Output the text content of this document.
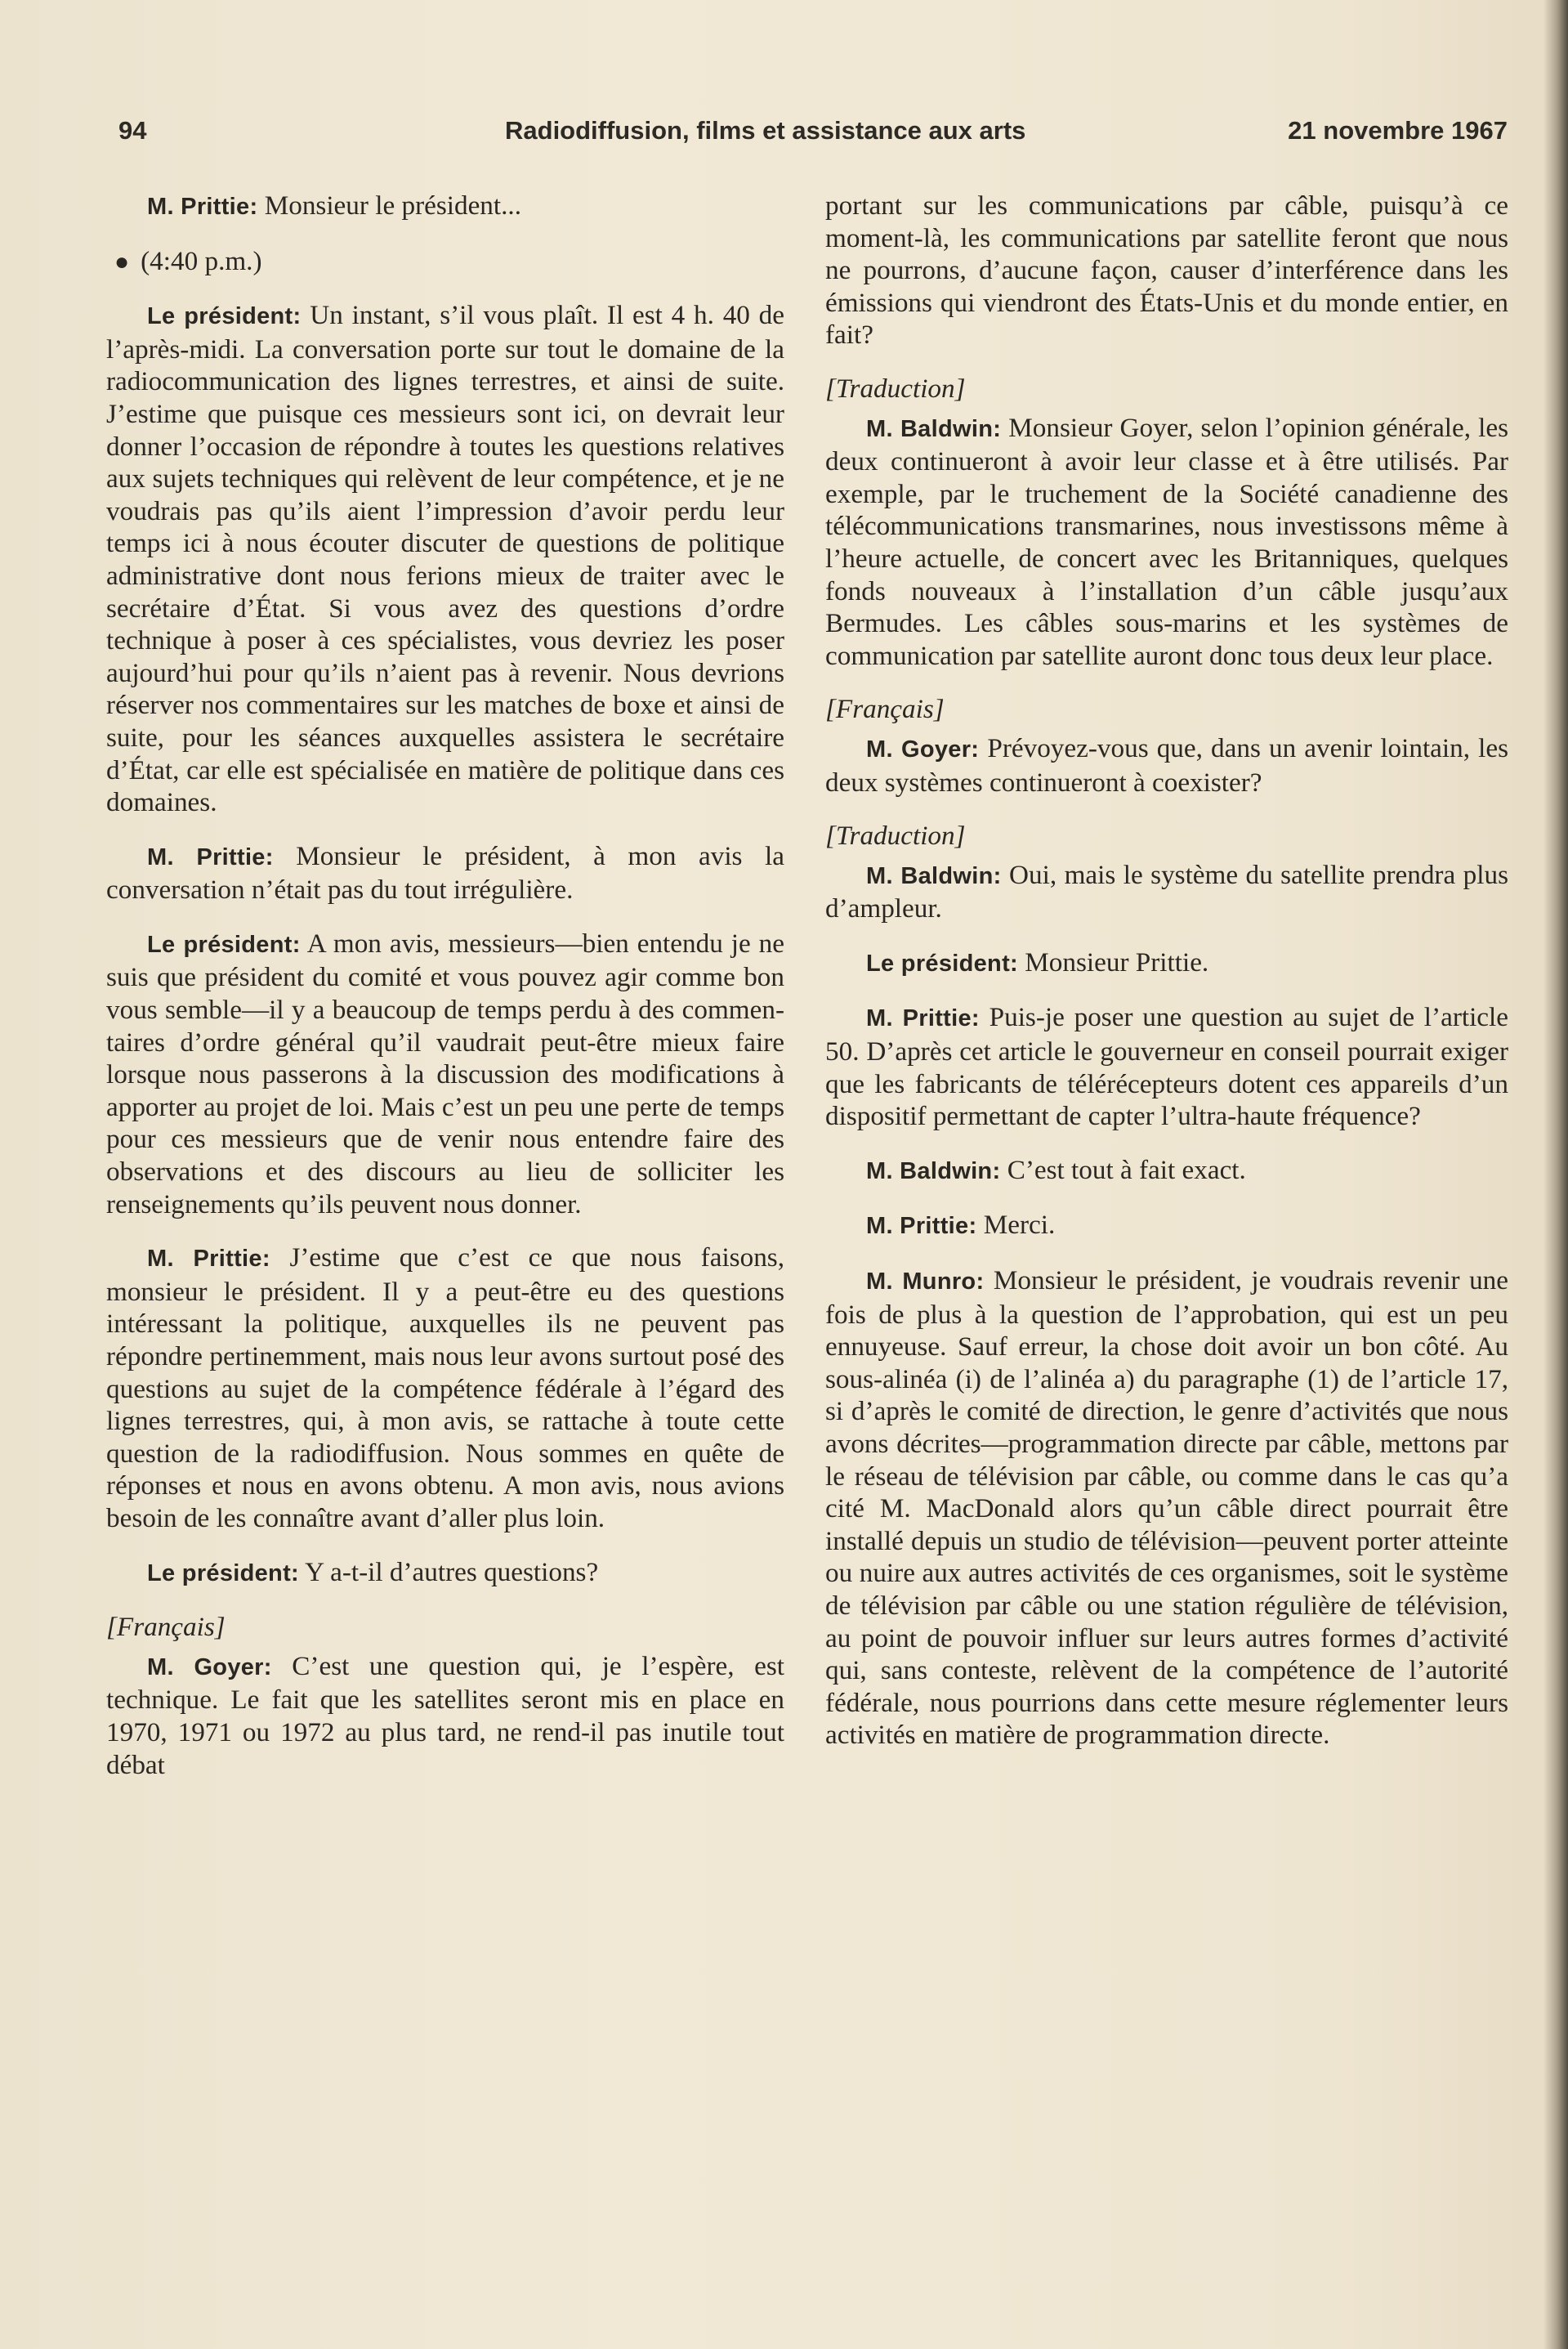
94	Radiodiffusion, films et assistance aux arts	21 novembre 1967

M. Prittie: Monsieur le président...

● (4:40 p.m.)

Le président: Un instant, s’il vous plaît. Il est 4 h. 40 de l’après-midi. La conversation porte sur tout le domaine de la radiocommunication des lignes terrestres, et ainsi de suite. J’estime que puisque ces messieurs sont ici, on devrait leur donner l’occasion de répondre à toutes les questions relatives aux sujets techniques qui relèvent de leur compétence, et je ne voudrais pas qu’ils aient l’impression d’avoir perdu leur temps ici à nous écouter discuter de questions de politique administrative dont nous ferions mieux de traiter avec le secrétaire d’État. Si vous avez des questions d’ordre technique à poser à ces spécialistes, vous devriez les poser aujourd’hui pour qu’ils n’aient pas à revenir. Nous devrions réserver nos commentaires sur les matches de boxe et ainsi de suite, pour les séances auxquelles assistera le secrétaire d’État, car elle est spécialisée en matière de politique dans ces domaines.

M. Prittie: Monsieur le président, à mon avis la conversation n’était pas du tout irrégulière.

Le président: A mon avis, messieurs—bien entendu je ne suis que président du comité et vous pouvez agir comme bon vous semble—il y a beaucoup de temps perdu à des commentaires d’ordre général qu’il vaudrait peut-être mieux faire lorsque nous passerons à la discussion des modifications à apporter au projet de loi. Mais c’est un peu une perte de temps pour ces messieurs que de venir nous entendre faire des observations et des discours au lieu de solliciter les renseignements qu’ils peuvent nous donner.

M. Prittie: J’estime que c’est ce que nous faisons, monsieur le président. Il y a peut-être eu des questions intéressant la politique, auxquelles ils ne peuvent pas répondre pertinemment, mais nous leur avons surtout posé des questions au sujet de la compétence fédérale à l’égard des lignes terrestres, qui, à mon avis, se rattache à toute cette question de la radiodiffusion. Nous sommes en quête de réponses et nous en avons obtenu. A mon avis, nous avions besoin de les connaître avant d’aller plus loin.

Le président: Y a-t-il d’autres questions?

[Français]

M. Goyer: C’est une question qui, je l’espère, est technique. Le fait que les satellites seront mis en place en 1970, 1971 ou 1972 au plus tard, ne rend-il pas inutile tout débat

portant sur les communications par câble, puisqu’à ce moment-là, les communications par satellite feront que nous ne pourrons, d’aucune façon, causer d’interférence dans les émissions qui viendront des États-Unis et du monde entier, en fait?

[Traduction]

M. Baldwin: Monsieur Goyer, selon l’opinion générale, les deux continueront à avoir leur classe et à être utilisés. Par exemple, par le truchement de la Société canadienne des télécommunications transmarines, nous investissons même à l’heure actuelle, de concert avec les Britanniques, quelques fonds nouveaux à l’installation d’un câble jusqu’aux Bermudes. Les câbles sous-marins et les systèmes de communication par satellite auront donc tous deux leur place.

[Français]

M. Goyer: Prévoyez-vous que, dans un avenir lointain, les deux systèmes continueront à coexister?

[Traduction]

M. Baldwin: Oui, mais le système du satellite prendra plus d’ampleur.

Le président: Monsieur Prittie.

M. Prittie: Puis-je poser une question au sujet de l’article 50. D’après cet article le gouverneur en conseil pourrait exiger que les fabricants de télérécepteurs dotent ces appareils d’un dispositif permettant de capter l’ultra-haute fréquence?

M. Baldwin: C’est tout à fait exact.

M. Prittie: Merci.

M. Munro: Monsieur le président, je voudrais revenir une fois de plus à la question de l’approbation, qui est un peu ennuyeuse. Sauf erreur, la chose doit avoir un bon côté. Au sous-alinéa (i) de l’alinéa a) du paragraphe (1) de l’article 17, si d’après le comité de direction, le genre d’activités que nous avons décrites—programmation directe par câble, mettons par le réseau de télévision par câble, ou comme dans le cas qu’a cité M. MacDonald alors qu’un câble direct pourrait être installé depuis un studio de télévision—peuvent porter atteinte ou nuire aux autres activités de ces organismes, soit le système de télévision par câble ou une station régulière de télévision, au point de pouvoir influer sur leurs autres formes d’activité qui, sans conteste, relèvent de la compétence de l’autorité fédérale, nous pourrions dans cette mesure réglementer leurs activités en matière de programmation directe.
